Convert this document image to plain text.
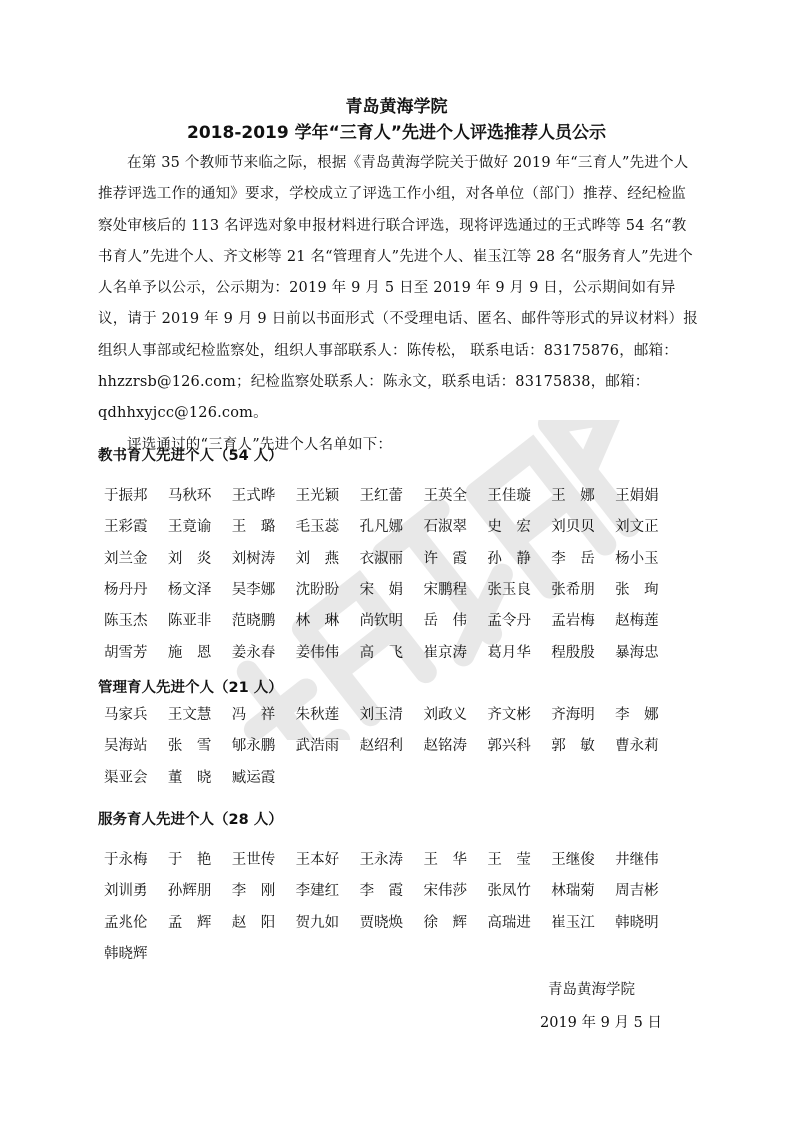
青岛黄海学院
2018-2019 学年“三育人”先进个人评选推荐人员公示

在第 35 个教师节来临之际，根据《青岛黄海学院关于做好 2019 年“三育人”先进个人推荐评选工作的通知》要求，学校成立了评选工作小组，对各单位（部门）推荐、经纪检监察处审核后的 113 名评选对象申报材料进行联合评选，现将评选通过的王式晔等 54 名“教书育人”先进个人、齐文彬等 21 名“管理育人”先进个人、崔玉江等 28 名“服务育人”先进个人名单予以公示，公示期为：2019 年 9 月 5 日至 2019 年 9 月 9 日，公示期间如有异议，请于 2019 年 9 月 9 日前以书面形式（不受理电话、匿名、邮件等形式的异议材料）报组织人事部或纪检监察处，组织人事部联系人：陈传松， 联系电话：83175876，邮箱：hhzzrsb@126.com；纪检监察处联系人：陈永文，联系电话：83175838，邮箱：qdhhxyjcc@126.com。

评选通过的“三育人”先进个人名单如下：

教书育人先进个人（54 人）
于振邦	马秋环	王式晔	王光颖	王红蕾	王英全	王佳璇	王　娜	王娟娟
王彩霞	王竟谕	王　璐	毛玉蕊	孔凡娜	石淑翠	史　宏	刘贝贝	刘文正
刘兰金	刘　炎	刘树涛	刘　燕	衣淑丽	许　霞	孙　静	李　岳	杨小玉
杨丹丹	杨文泽	吴李娜	沈盼盼	宋　娟	宋鹏程	张玉良	张希朋	张　珣
陈玉杰	陈亚非	范晓鹏	林　琳	尚钦明	岳　伟	孟令丹	孟岩梅	赵梅莲
胡雪芳	施　恩	姜永春	姜伟伟	高　飞	崔京涛	葛月华	程殷殷	暴海忠
管理育人先进个人（21 人）
马家兵	王文慧	冯　祥	朱秋莲	刘玉清	刘政义	齐文彬	齐海明	李　娜
吴海站	张　雪	郇永鹏	武浩雨	赵绍利	赵铭涛	郭兴科	郭　敏	曹永莉
渠亚会	董　晓	臧运霞
服务育人先进个人（28 人）
于永梅	于　艳	王世传	王本好	王永涛	王　华	王　莹	王继俊	井继伟
刘训勇	孙辉朋	李　刚	李建红	李　霞	宋伟莎	张凤竹	林瑞菊	周吉彬
孟兆伦	孟　辉	赵　阳	贺九如	贾晓焕	徐　辉	高瑞进	崔玉江	韩晓明
韩晓辉
青岛黄海学院
2019 年 9 月 5 日
